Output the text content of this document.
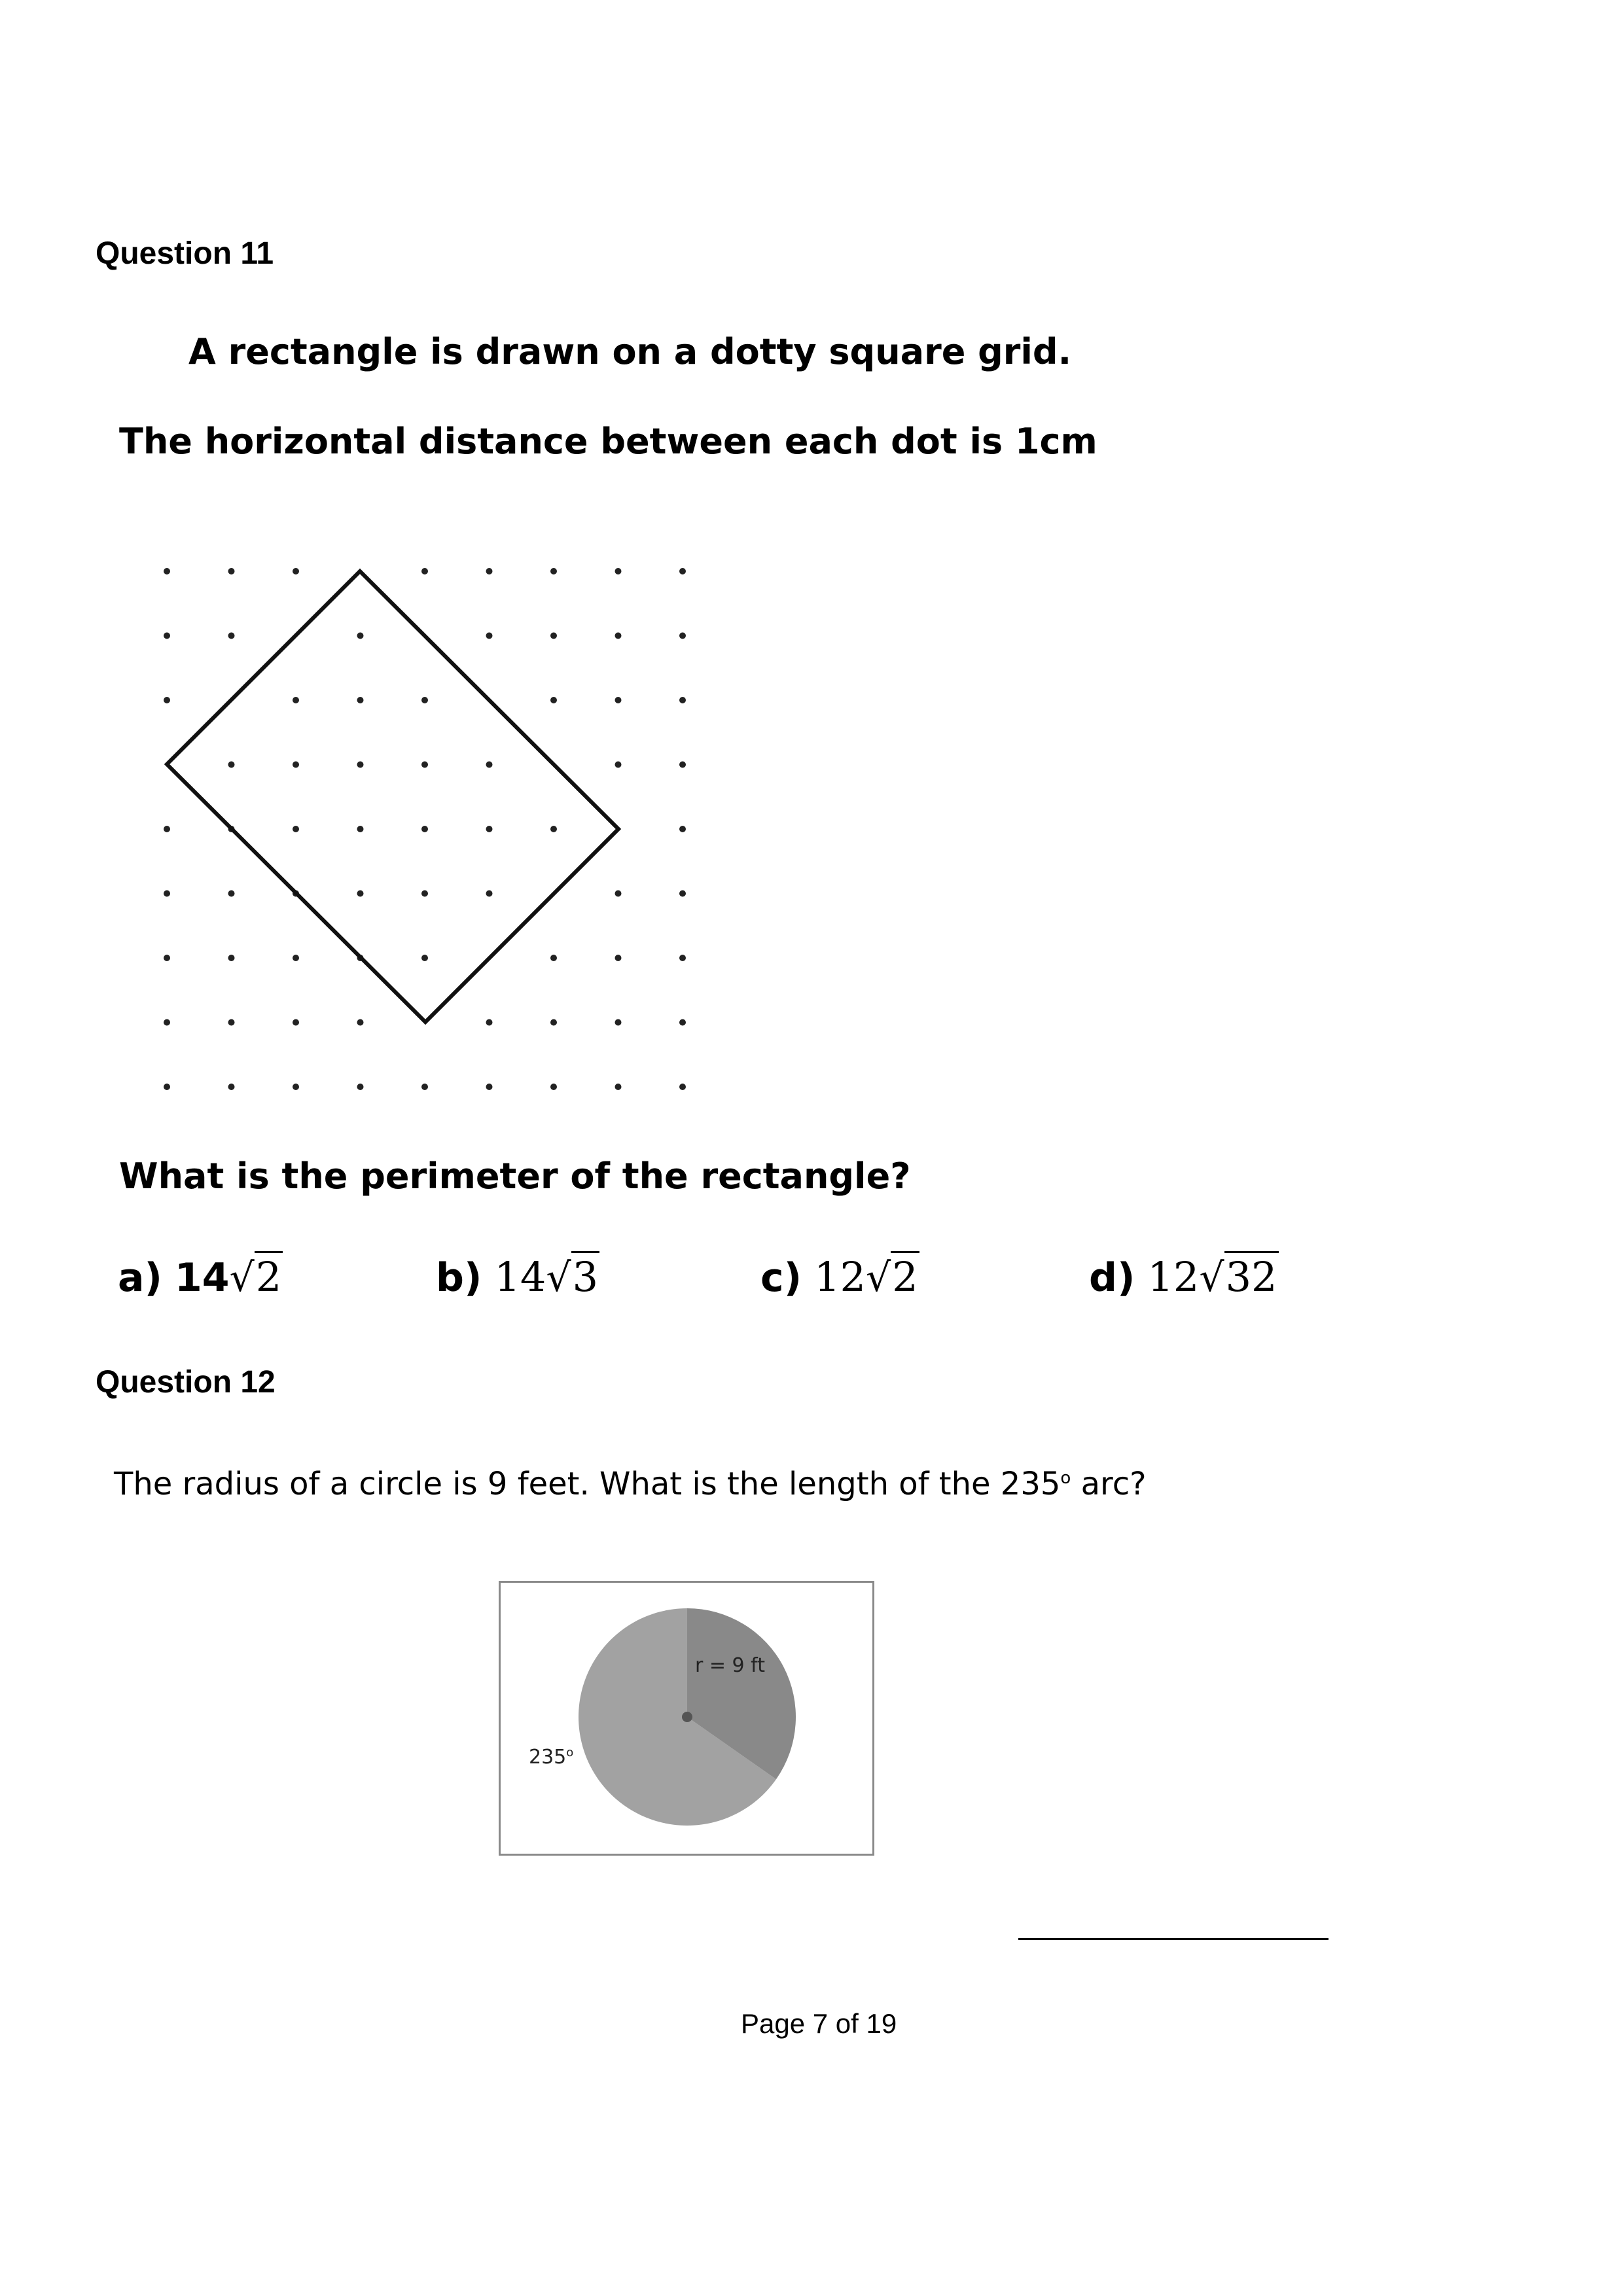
Question 11
A rectangle is drawn on a dotty square grid.
The horizontal distance between each dot is 1cm
What is the perimeter of the rectangle?
a) 14√2	b) 14√3	c) 12√2	d) 12√32
Question 12
The radius of a circle is 9 feet. What is the length of the 235$^o$ arc?
r = 9 ft
235$^o$
Page 7 of 19
